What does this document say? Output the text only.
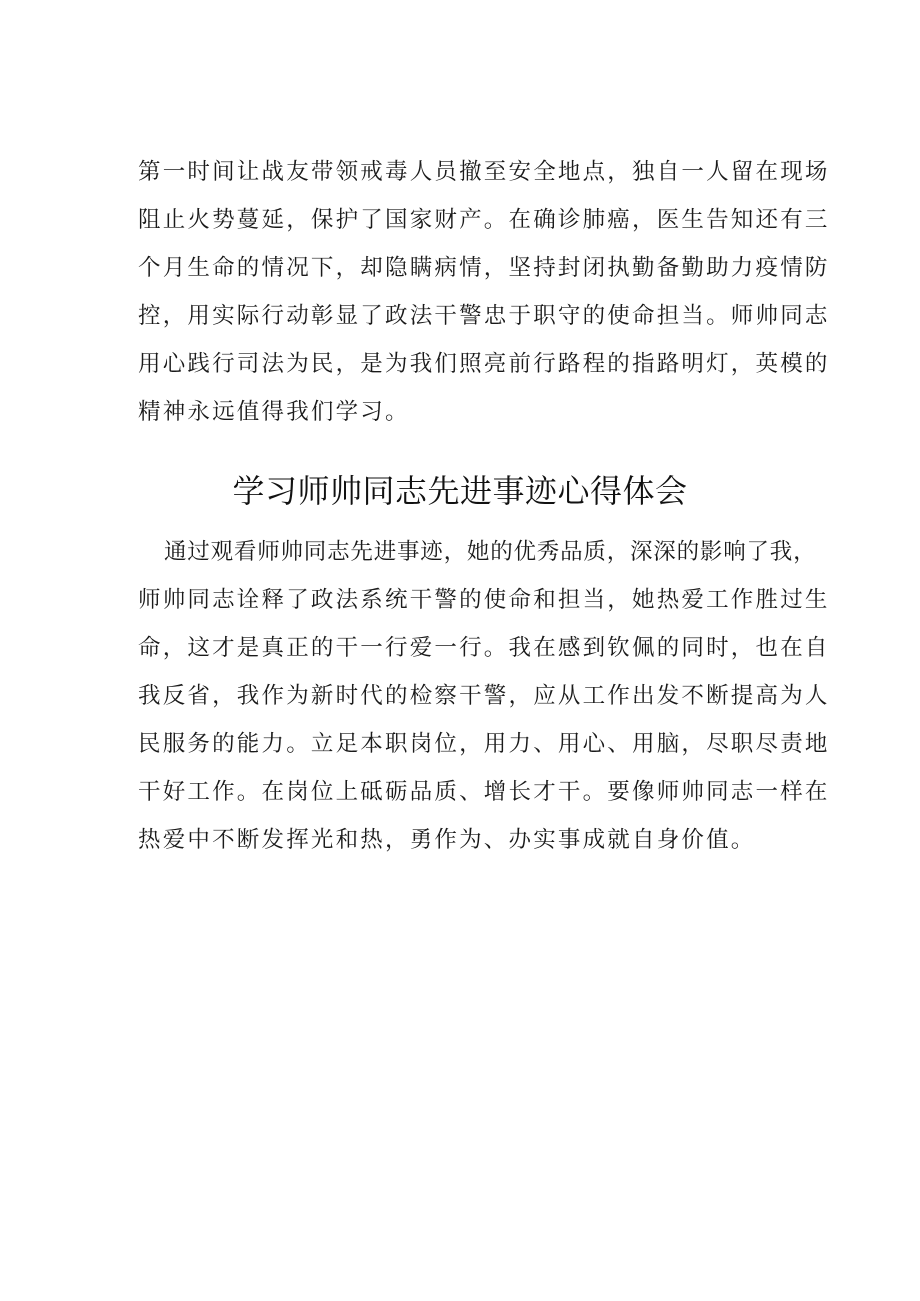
第一时间让战友带领戒毒人员撤至安全地点，独自一人留在现场
阻止火势蔓延，保护了国家财产。在确诊肺癌，医生告知还有三
个月生命的情况下，却隐瞒病情，坚持封闭执勤备勤助力疫情防
控，用实际行动彰显了政法干警忠于职守的使命担当。师帅同志
用心践行司法为民，是为我们照亮前行路程的指路明灯，英模的
精神永远值得我们学习。
学习师帅同志先进事迹心得体会
通过观看师帅同志先进事迹，她的优秀品质，深深的影响了我，
师帅同志诠释了政法系统干警的使命和担当，她热爱工作胜过生
命，这才是真正的干一行爱一行。我在感到钦佩的同时，也在自
我反省，我作为新时代的检察干警，应从工作出发不断提高为人
民服务的能力。立足本职岗位，用力、用心、用脑，尽职尽责地
干好工作。在岗位上砥砺品质、增长才干。要像师帅同志一样在
热爱中不断发挥光和热，勇作为、办实事成就自身价值。
